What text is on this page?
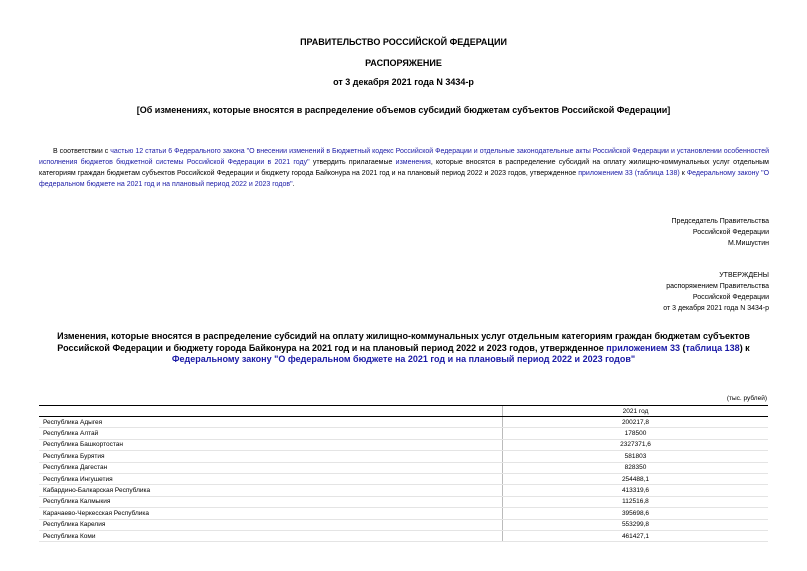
ПРАВИТЕЛЬСТВО РОССИЙСКОЙ ФЕДЕРАЦИИ
РАСПОРЯЖЕНИЕ
от 3 декабря 2021 года N 3434-р
[Об изменениях, которые вносятся в распределение объемов субсидий бюджетам субъектов Российской Федерации]
В соответствии с частью 12 статьи 6 Федерального закона "О внесении изменений в Бюджетный кодекс Российской Федерации и отдельные законодательные акты Российской Федерации и установлении особенностей исполнения бюджетов бюджетной системы Российской Федерации в 2021 году" утвердить прилагаемые изменения, которые вносятся в распределение субсидий на оплату жилищно-коммунальных услуг отдельным категориям граждан бюджетам субъектов Российской Федерации и бюджету города Байконура на 2021 год и на плановый период 2022 и 2023 годов, утвержденное приложением 33 (таблица 138) к Федеральному закону "О федеральном бюджете на 2021 год и на плановый период 2022 и 2023 годов".
Председатель Правительства
Российской Федерации
М.Мишустин
УТВЕРЖДЕНЫ
распоряжением Правительства
Российской Федерации
от 3 декабря 2021 года N 3434-р
Изменения, которые вносятся в распределение субсидий на оплату жилищно-коммунальных услуг отдельным категориям граждан бюджетам субъектов Российской Федерации и бюджету города Байконура на 2021 год и на плановый период 2022 и 2023 годов, утвержденное приложением 33 (таблица 138) к Федеральному закону "О федеральном бюджете на 2021 год и на плановый период 2022 и 2023 годов"
(тыс. рублей)
	2021 год
Республика Адыгея	200217,8
Республика Алтай	178500
Республика Башкортостан	2327371,6
Республика Бурятия	581803
Республика Дагестан	828350
Республика Ингушетия	254488,1
Кабардино-Балкарская Республика	413319,6
Республика Калмыкия	112516,8
Карачаево-Черкесская Республика	395698,6
Республика Карелия	553299,8
Республика Коми	461427,1
